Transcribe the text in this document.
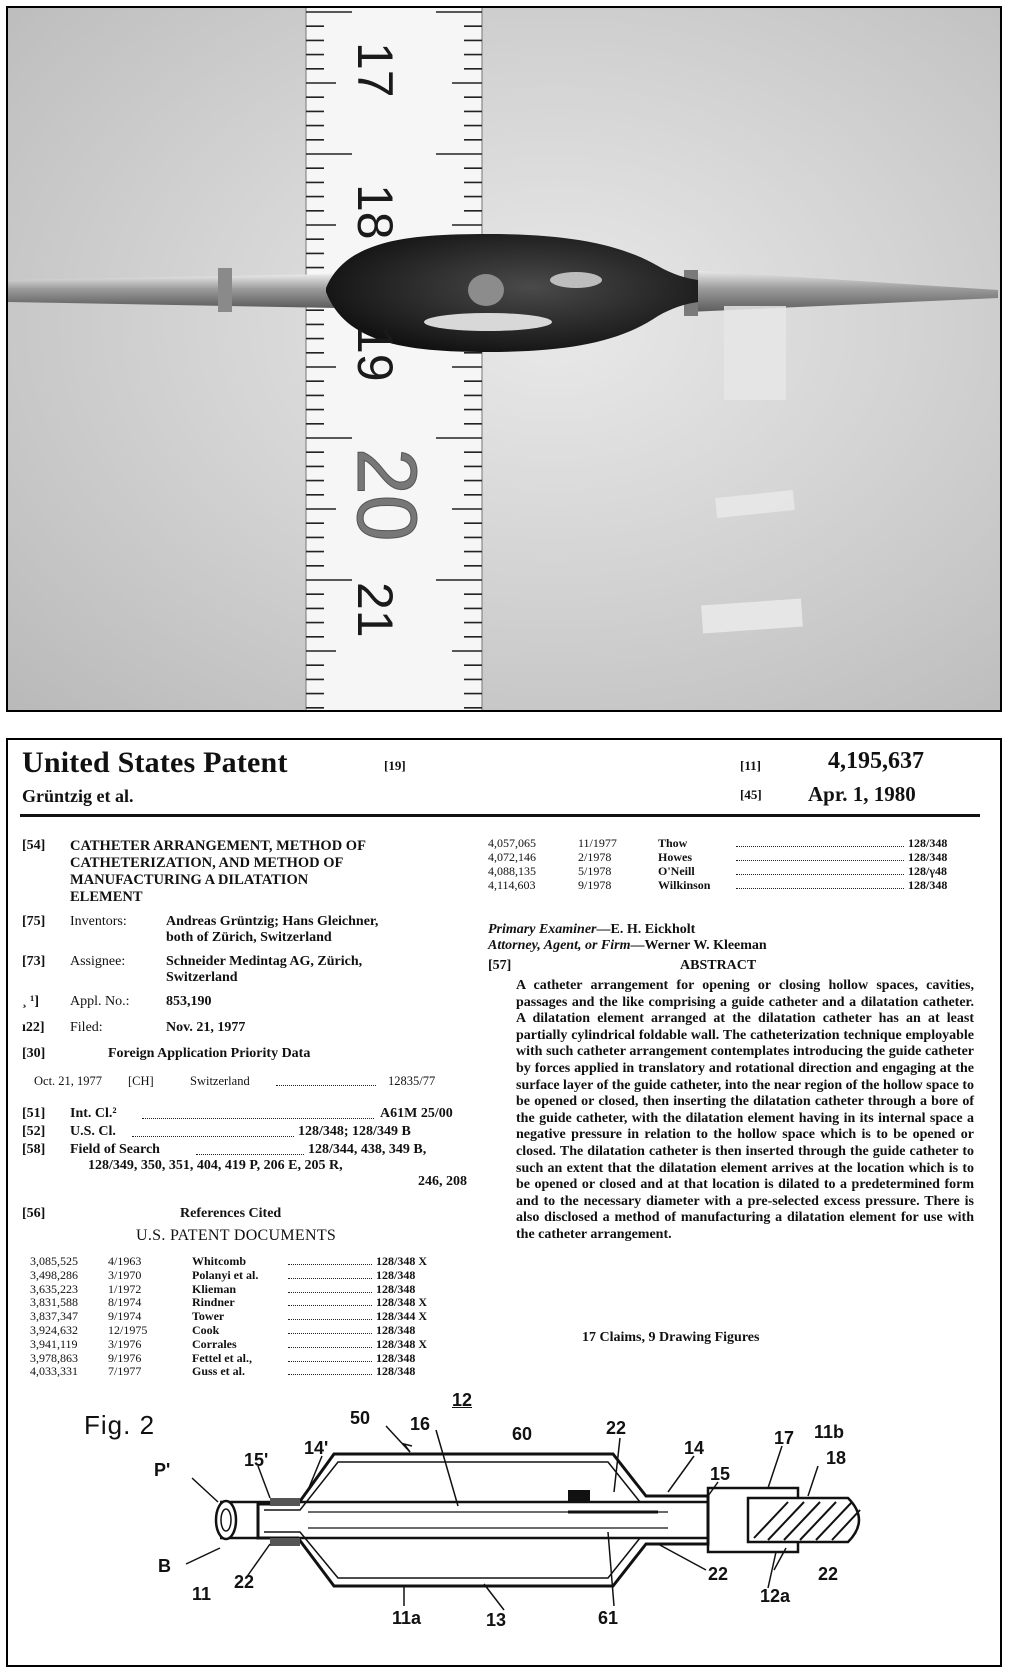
17
18
19
20
21
United States Patent	[19]	[11]	4,195,637
Grüntzig et al.	[45] Apr. 1, 1980
[54] CATHETER ARRANGEMENT, METHOD OF
CATHETERIZATION, AND METHOD OF
MANUFACTURING A DILATATION
ELEMENT
[75] Inventors:	Andreas Grüntzig; Hans Gleichner,
both of Zürich, Switzerland
[73] Assignee:	Schneider Medintag AG, Zürich,
Switzerland
¸ ¹] Appl. No.:	853,190
ı22] Filed:	Nov. 21, 1977
[30]	Foreign Application Priority Data
Oct. 21, 1977 [CH]	Switzerland	12835/77
[51] Int. Cl.²	A61M 25/00
[52] U.S. Cl.	128/348; 128/349 B
[58] Field of Search	128/344, 438, 349 B,
128/349, 350, 351, 404, 419 P, 206 E, 205 R,
246, 208
[56]	References Cited
U.S. PATENT DOCUMENTS
3,085,525	4/1963	Whitcomb	128/348 X
3,498,286	3/1970	Polanyi et al.	128/348
3,635,223	1/1972	Klieman	128/348
3,831,588	8/1974	Rindner	128/348 X
3,837,347	9/1974	Tower	128/344 X
3,924,632	12/1975	Cook	128/348
3,941,119	3/1976	Corrales	128/348 X
3,978,863	9/1976	Fettel et al.,	128/348
4,033,331	7/1977	Guss et al.	128/348
4,057,065	11/1977	Thow	128/348
4,072,146	2/1978	Howes	128/348
4,088,135	5/1978	O'Neill	128/γ48
4,114,603	9/1978	Wilkinson	128/348
Primary Examiner—E. H. Eickholt
Attorney, Agent, or Firm—Werner W. Kleeman
[57]	ABSTRACT
A catheter arrangement for opening or closing hollow spaces, cavities, passages and the like comprising a guide catheter and a dilatation catheter. A dilatation element arranged at the dilatation catheter has an at least partially cylindrical foldable wall. The catheterization technique employable with such catheter arrangement contemplates introducing the guide catheter by forces applied in translatory and rotational direction and engaging at the surface layer of the guide catheter, into the near region of the hollow space to be opened or closed, then inserting the dilatation catheter through a bore of the guide catheter, with the dilatation element having in its internal space a negative pressure in relation to the hollow space which is to be opened or closed. The dilatation catheter is then inserted through the guide catheter to such an extent that the dilatation element arrives at the location which is to be opened or closed and at that location is dilated to a predetermined form and to the necessary diameter with a pre-selected excess pressure. There is also disclosed a method of manufacturing a dilatation element for use with the catheter arrangement.
17 Claims, 9 Drawing Figures
Fig. 2
12
50 16	60	22
14
14'
15'
P'	15
17 11b
18
B
11
22	22	22
12a
11a	13	61
